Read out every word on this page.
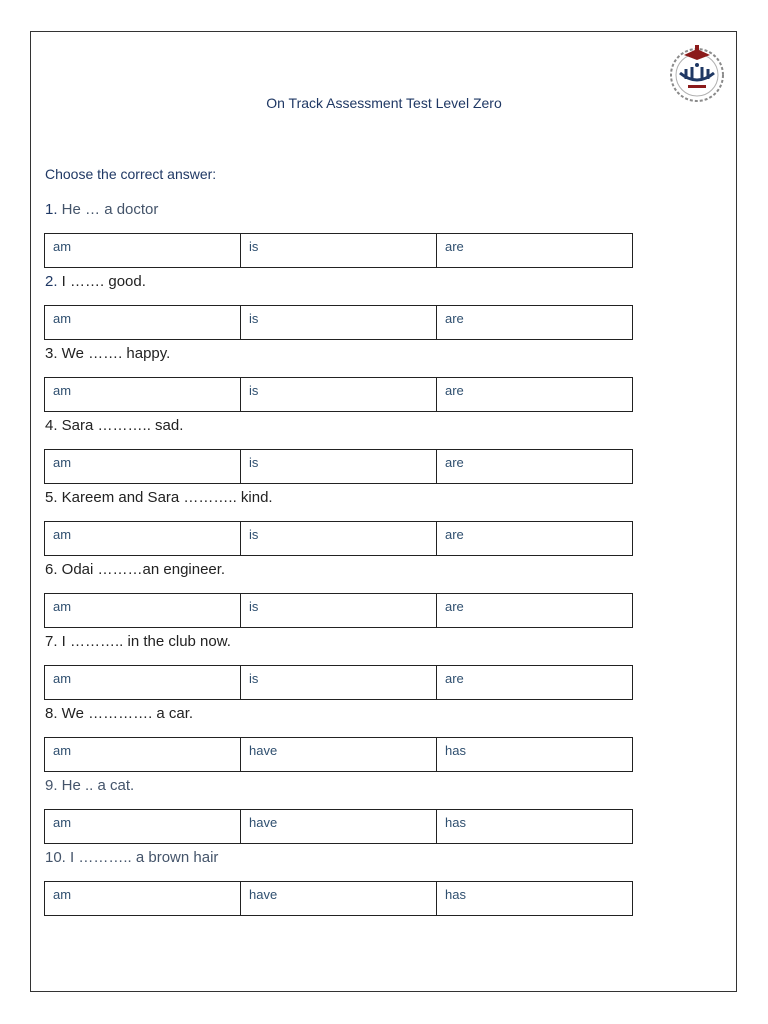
On Track Assessment Test Level Zero
Choose the correct answer:
1. He … a doctor
am	is	are
2. I ……. good.
am	is	are
3. We ……. happy.
am	is	are
4. Sara ……….. sad.
am	is	are
5. Kareem and Sara ……….. kind.
am	is	are
6. Odai ………an engineer.
am	is	are
7. I ……….. in the club now.
am	is	are
8. We …………. a car.
am	have	has
9. He .. a cat.
am	have	has
10. I ……….. a brown hair
am	have	has
